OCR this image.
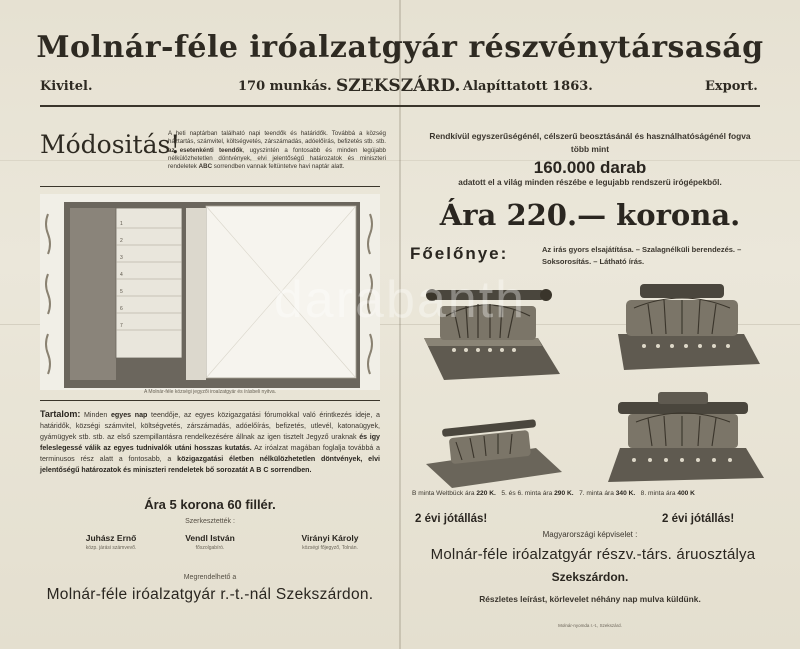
Molnár-féle iróalzatgyár részvénytársaság
Kivitel.	170 munkás. SZEKSZÁRD. Alapíttatott 1863.	Export.
Módositás!
A heti naptárban található napi teendők és határidők. Továbbá a község háztartás, számvitel, költségvetés, zárszámadás, adóelőírás, befizetés stb. stb. az esetenkénti teendők, ugyszintén a fontosabb és minden legújabb nélkülözhetetlen döntvények, elvi jelentőségű határozatok és miniszteri rendeletek ABC sorrendben vannak feltüntetve havi naptár alatt.
1
2
3
4
5
6
7
A Molnár-féle községi jegyzői iroalzatgyár és írásbeli nyitva.
Tartalom: Minden egyes nap teendője, az egyes közigazgatási fórumokkal való érintkezés ideje, a határidők, községi számvitel, költségvetés, zárszámadás, adóelőírás, befizetés, utlevél, katonaügyek, gyámügyek stb. stb. az első szempillantásra rendelkezésére állnak az igen tisztelt Jegyző uraknak és igy feleslegessé válik az egyes tudnivalók utáni hosszas kutatás. Az iróalzat magában foglalja továbbá a terminusos rész alatt a fontosabb, a közigazgatási életben nélkülözhetetlen döntvények, elvi jelentőségű határozatok és miniszteri rendeletek bő sorozatát A B C sorrendben.
Ára 5 korona 60 fillér.
Szerkesztették :
Juhász Ernő
közp. járási számvevő.
Vendl István
főszolgabíró.
Virányi Károly
községi főjegyző, Tolnán.
Megrendelhető a
Molnár-féle iróalzatgyár r.-t.-nál Szekszárdon.
Rendkívül egyszerűségénél, célszerű beosztásánál és használhatóságénél fogva több mint
160.000 darab
adatott el a világ minden részébe e legujabb rendszerü irógépekből.
Ára 220.— korona.
Főelőnye:	Az irás gyors elsajátítása. – Szalagnélküli berendezés. – Soksorosítás. – Látható írás.
B minta Weltbück ára 220 K. 5. és 6. minta ára 290 K. 7. minta ára 340 K. 8. minta ára 400 K
2 évi jótállás!	2 évi jótállás!
Magyarországi képviselet :
Molnár-féle iróalzatgyár részv.-társ. áruosztálya
Szekszárdon.
Részletes leírást, körlevelet néhány nap mulva küldünk.
Molnár-nyomda r.-t., Szekszárd.
darabanth
